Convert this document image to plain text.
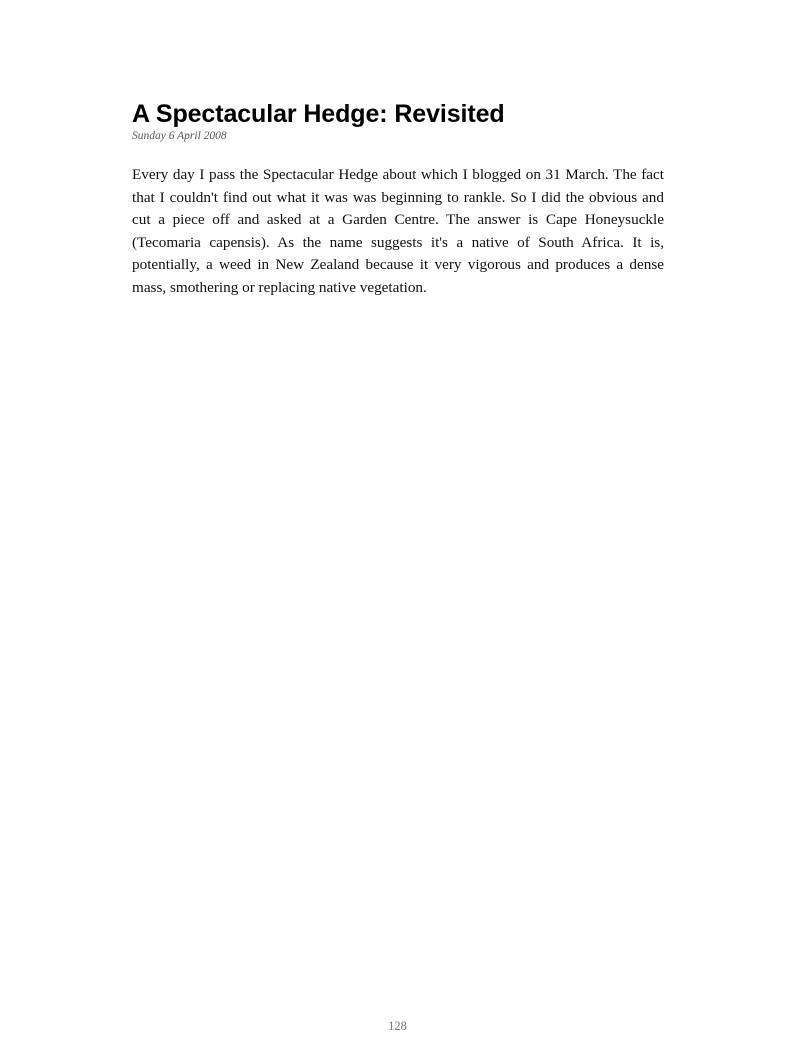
A Spectacular Hedge: Revisited

Sunday 6 April 2008

Every day I pass the Spectacular Hedge about which I blogged on 31 March. The fact that I couldn't find out what it was was beginning to rankle. So I did the obvious and cut a piece off and asked at a Garden Centre. The answer is Cape Honeysuckle (Tecomaria capensis). As the name suggests it's a native of South Africa. It is, potentially, a weed in New Zealand because it very vigorous and produces a dense mass, smothering or replacing native vegetation.

128
